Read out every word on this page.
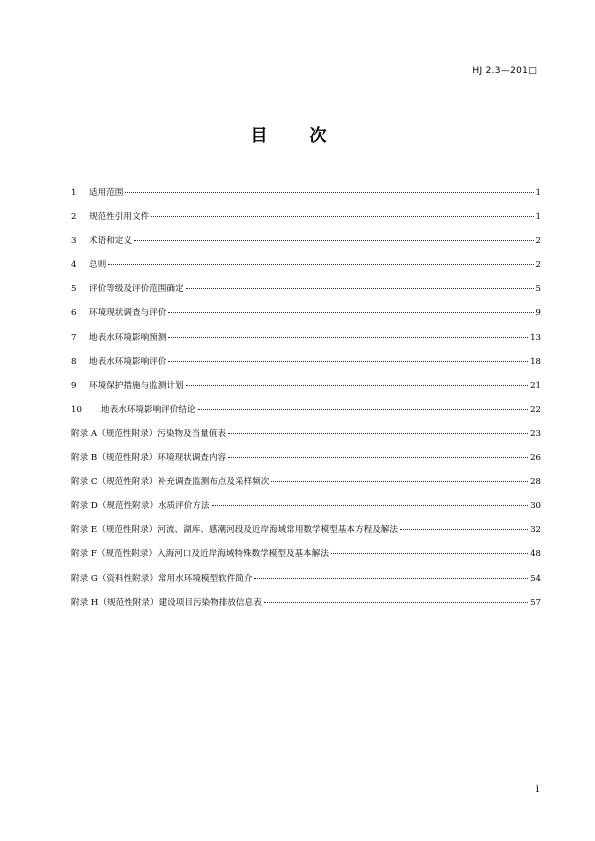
HJ 2.3—201□
目 次
1	适用范围	1
2	规范性引用文件	1
3	术语和定义	2
4	总则	2
5	评价等级及评价范围确定	5
6	环境现状调查与评价	9
7	地表水环境影响预测	13
8	地表水环境影响评价	18
9	环境保护措施与监测计划	21
10	地表水环境影响评价结论	22
附录 A（规范性附录）污染物及当量值表	23
附录 B（规范性附录）环境现状调查内容	26
附录 C（规范性附录）补充调查监测布点及采样频次	28
附录 D（规范性附录）水质评价方法	30
附录 E（规范性附录）河流、湖库、感潮河段及近岸海域常用数学模型基本方程及解法	32
附录 F（规范性附录）入海河口及近岸海域特殊数学模型及基本解法	48
附录 G（资料性附录）常用水环境模型软件简介	54
附录 H（规范性附录）建设项目污染物排放信息表	57
i
